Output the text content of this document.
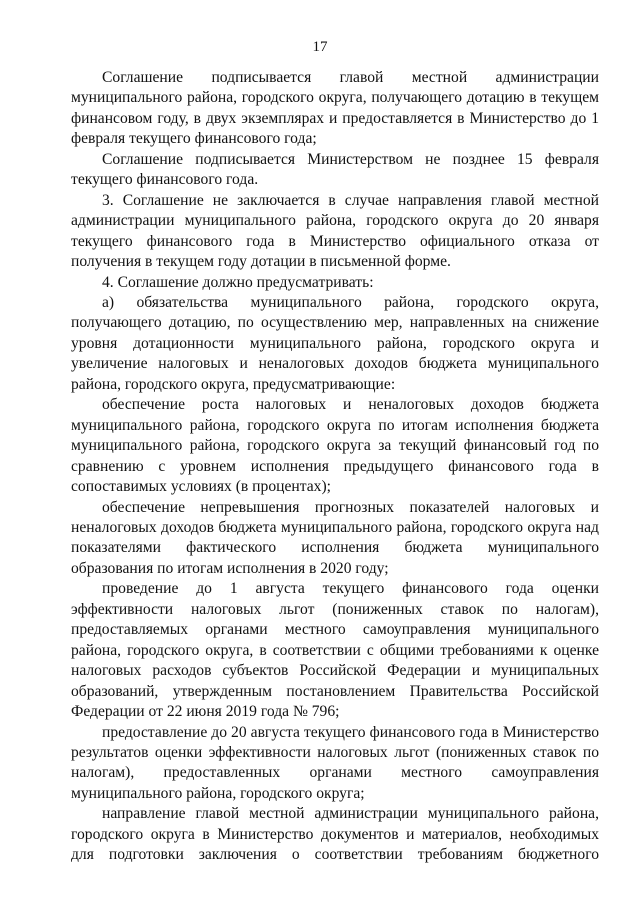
17

Соглашение подписывается главой местной администрации муниципального района, городского округа, получающего дотацию в текущем финансовом году, в двух экземплярах и предоставляется в Министерство до 1 февраля текущего финансового года;

Соглашение подписывается Министерством не позднее 15 февраля текущего финансового года.

3. Соглашение не заключается в случае направления главой местной администрации муниципального района, городского округа до 20 января текущего финансового года в Министерство официального отказа от получения в текущем году дотации в письменной форме.

4. Соглашение должно предусматривать:

а) обязательства муниципального района, городского округа, получающего дотацию, по осуществлению мер, направленных на снижение уровня дотационности муниципального района, городского округа и увеличение налоговых и неналоговых доходов бюджета муниципального района, городского округа, предусматривающие:

обеспечение роста налоговых и неналоговых доходов бюджета муниципального района, городского округа по итогам исполнения бюджета муниципального района, городского округа за текущий финансовый год по сравнению с уровнем исполнения предыдущего финансового года в сопоставимых условиях (в процентах);

обеспечение непревышения прогнозных показателей налоговых и неналоговых доходов бюджета муниципального района, городского округа над показателями фактического исполнения бюджета муниципального образования по итогам исполнения в 2020 году;

проведение до 1 августа текущего финансового года оценки эффективности налоговых льгот (пониженных ставок по налогам), предоставляемых органами местного самоуправления муниципального района, городского округа, в соответствии с общими требованиями к оценке налоговых расходов субъектов Российской Федерации и муниципальных образований, утвержденным постановлением Правительства Российской Федерации от 22 июня 2019 года № 796;

предоставление до 20 августа текущего финансового года в Министерство результатов оценки эффективности налоговых льгот (пониженных ставок по налогам), предоставленных органами местного самоуправления муниципального района, городского округа;

направление главой местной администрации муниципального района, городского округа в Министерство документов и материалов, необходимых для подготовки заключения о соответствии требованиям бюджетного
